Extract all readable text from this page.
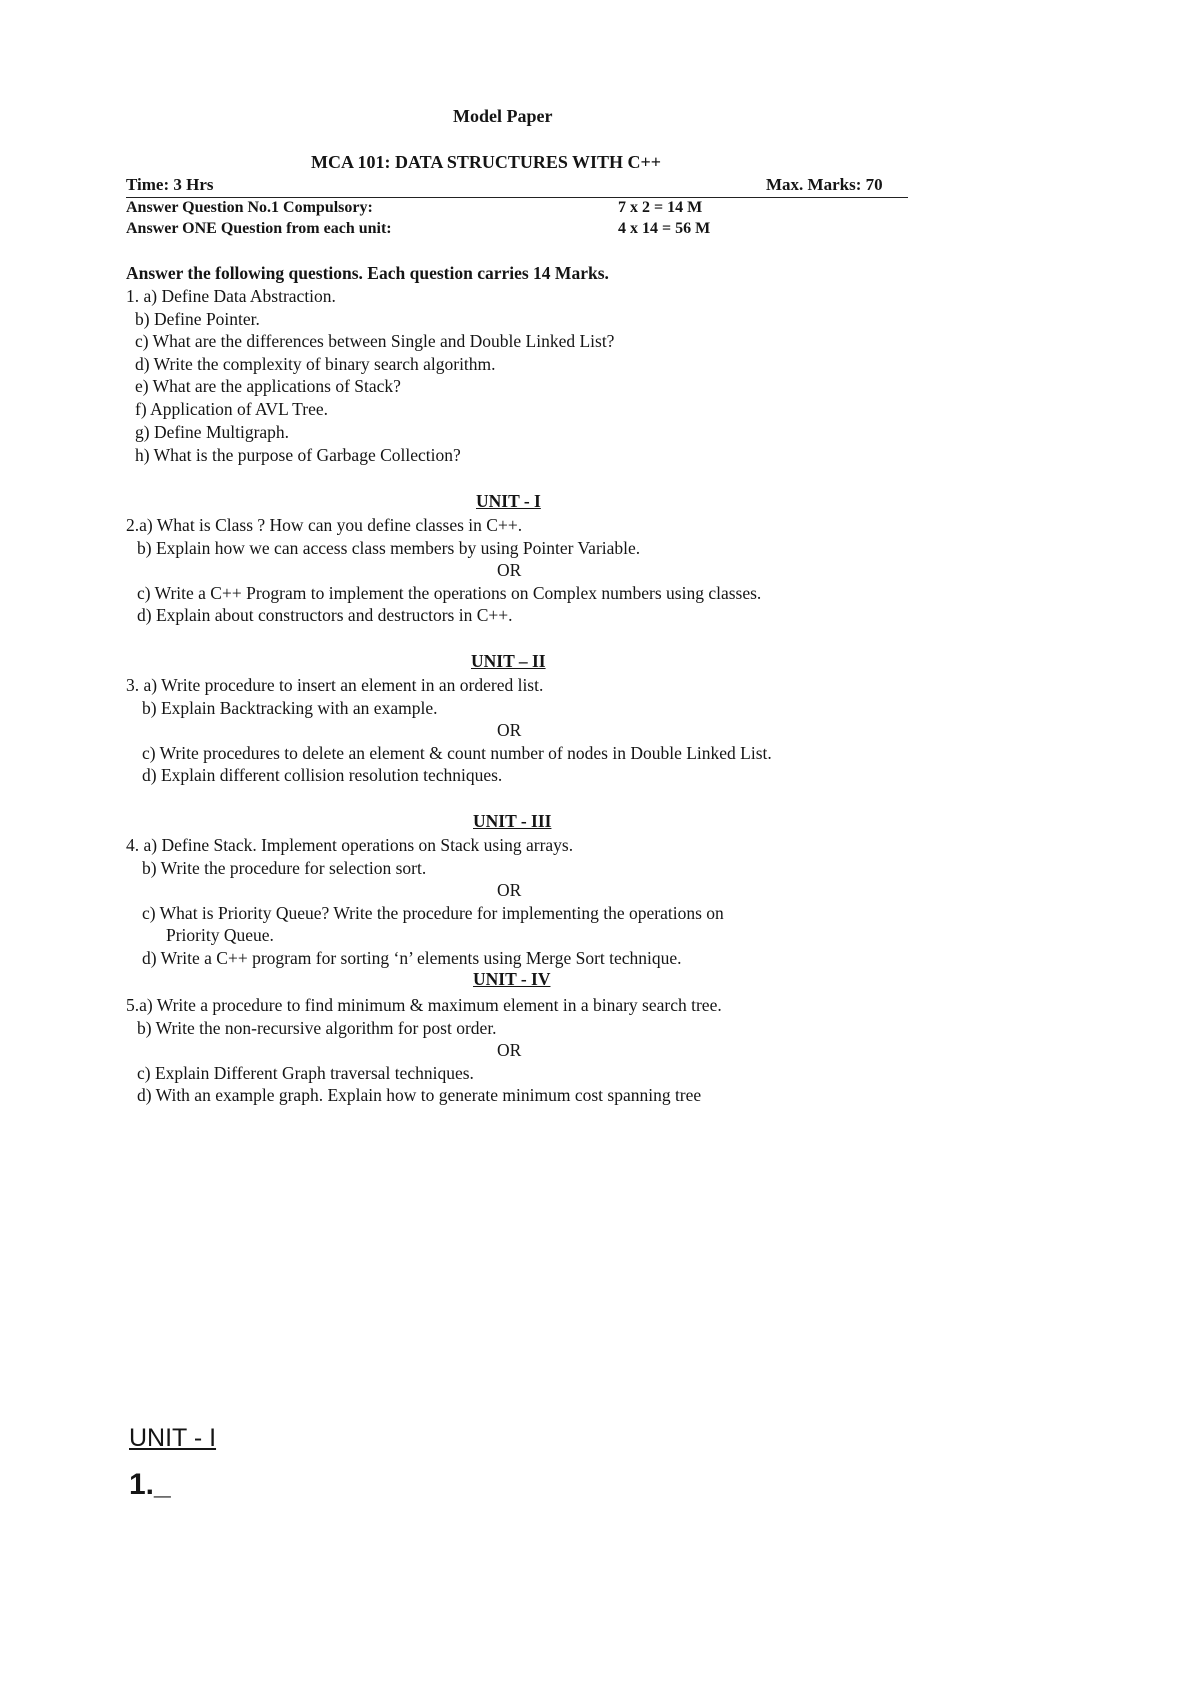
Model Paper
MCA 101: DATA STRUCTURES WITH C++
Time: 3 Hrs	Max. Marks: 70
Answer Question No.1 Compulsory:	7 x 2 = 14 M
Answer ONE Question from each unit:	4 x 14 = 56 M
Answer the following questions. Each question carries 14 Marks.
1. a) Define Data Abstraction.
b) Define Pointer.
c) What are the differences between Single and Double Linked List?
d) Write the complexity of binary search algorithm.
e) What are the applications of Stack?
f) Application of AVL Tree.
g) Define Multigraph.
h) What is the purpose of Garbage Collection?
UNIT - I
2.a) What is Class ? How can you define classes in C++.
b) Explain how we can access class members by using Pointer Variable.
OR
c) Write a C++ Program to implement the operations on Complex numbers using classes.
d) Explain about constructors and destructors in C++.
UNIT – II
3. a) Write procedure to insert an element in an ordered list.
b) Explain Backtracking with an example.
OR
c) Write procedures to delete an element & count number of nodes in Double Linked List.
d) Explain different collision resolution techniques.
UNIT - III
4. a) Define Stack. Implement operations on Stack using arrays.
b) Write the procedure for selection sort.
OR
c) What is Priority Queue? Write the procedure for implementing the operations on
Priority Queue.
d) Write a C++ program for sorting ‘n’ elements using Merge Sort technique.
UNIT - IV
5.a) Write a procedure to find minimum & maximum element in a binary search tree.
b) Write the non-recursive algorithm for post order.
OR
c) Explain Different Graph traversal techniques.
d) With an example graph. Explain how to generate minimum cost spanning tree
UNIT - I
1._
